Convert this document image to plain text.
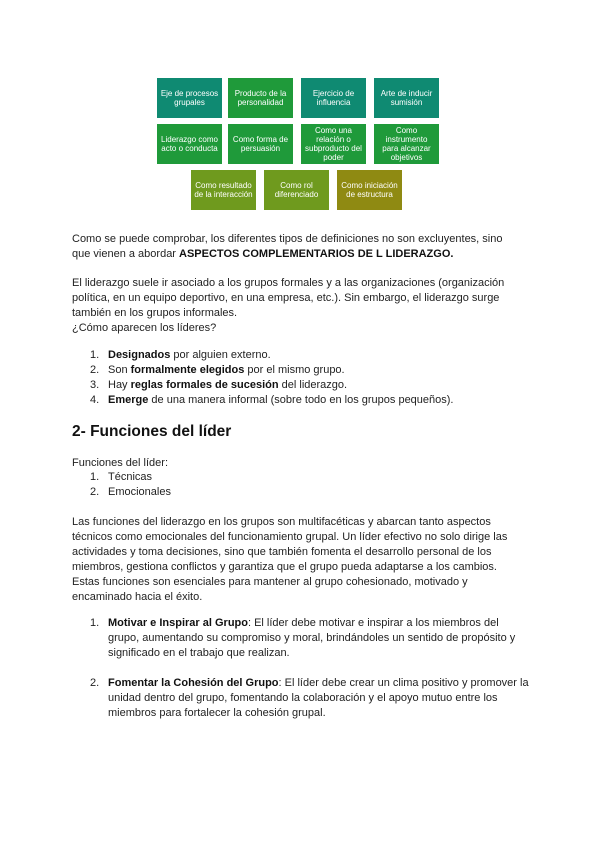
Eje de procesos grupales
Producto de la personalidad
Ejercicio de influencia
Arte de inducir sumisión
Liderazgo como acto o conducta
Como forma de persuasión
Como una relación o subproducto del poder
Como instrumento para alcanzar objetivos
Como resultado de la interacción
Como rol diferenciado
Como iniciación de estructura

Como se puede comprobar, los diferentes tipos de definiciones no son excluyentes, sino que vienen a abordar ASPECTOS COMPLEMENTARIOS DE L LIDERAZGO.

El liderazgo suele ir asociado a los grupos formales y a las organizaciones (organización política, en un equipo deportivo, en una empresa, etc.). Sin embargo, el liderazgo surge también en los grupos informales.

¿Cómo aparecen los líderes?

1. Designados por alguien externo.
2. Son formalmente elegidos por el mismo grupo.
3. Hay reglas formales de sucesión del liderazgo.
4. Emerge de una manera informal (sobre todo en los grupos pequeños).
2- Funciones del líder

Funciones del líder:

1. Técnicas
2. Emocionales

Las funciones del liderazgo en los grupos son multifacéticas y abarcan tanto aspectos técnicos como emocionales del funcionamiento grupal. Un líder efectivo no solo dirige las actividades y toma decisiones, sino que también fomenta el desarrollo personal de los miembros, gestiona conflictos y garantiza que el grupo pueda adaptarse a los cambios. Estas funciones son esenciales para mantener al grupo cohesionado, motivado y encaminado hacia el éxito.

1. Motivar e Inspirar al Grupo: El líder debe motivar e inspirar a los miembros del grupo, aumentando su compromiso y moral, brindándoles un sentido de propósito y significado en el trabajo que realizan.
2. Fomentar la Cohesión del Grupo: El líder debe crear un clima positivo y promover la unidad dentro del grupo, fomentando la colaboración y el apoyo mutuo entre los miembros para fortalecer la cohesión grupal.
